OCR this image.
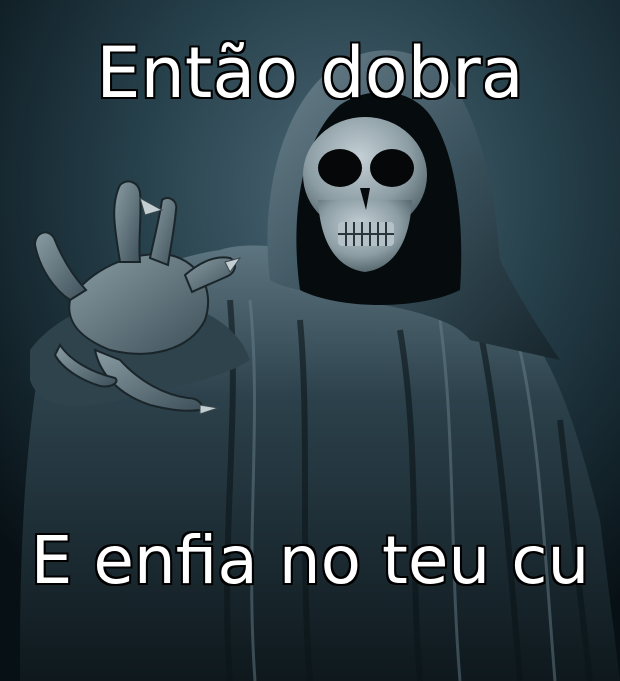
Então dobra
E enfia no teu cu
